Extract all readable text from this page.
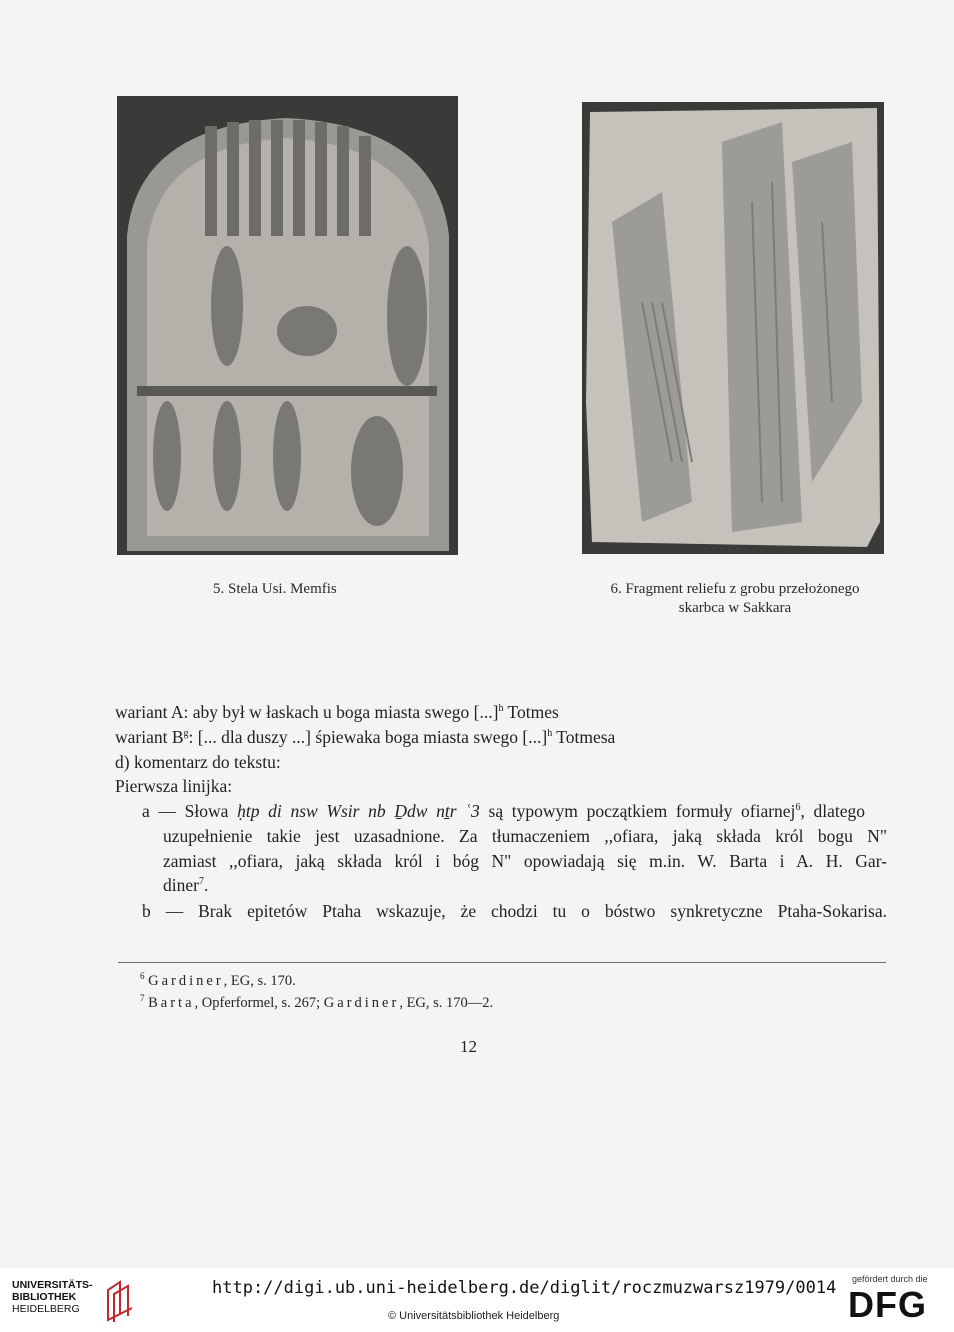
5. Stela Usi. Memfis	6. Fragment reliefu z grobu przełożonego
skarbca w Sakkara
wariant A: aby był w łaskach u boga miasta swego [...]$^h$ Totmes
wariant $B^g$: [... dla duszy ...] śpiewaka boga miasta swego [...]$^h$ Totmesa
d) komentarz do tekstu:
Pierwsza linijka:
a — Słowa ḥtp di nsw Wsir nb Ḏdw nṯr ʿ3 są typowym początkiem formuły ofiarnej$^6$, dlatego
uzupełnienie takie jest uzasadnione. Za tłumaczeniem ,,ofiara, jaką składa król bogu N"
zamiast ,,ofiara, jaką składa król i bóg N" opowiadają się m.in. W. Barta i A. H. Gar-
diner$^7$.
b — Brak epitetów Ptaha wskazuje, że chodzi tu o bóstwo synkretyczne Ptaha-Sokarisa.
$^6$ Gardiner, EG, s. 170.
$^7$ Barta, Opferformel, s. 267; Gardiner, EG, s. 170—2.
12
UNIVERSITÄTS-
BIBLIOTHEK
HEIDELBERG
http://digi.ub.uni-heidelberg.de/diglit/roczmuzwarsz1979/0014
© Universitätsbibliothek Heidelberg
gefördert durch die
DFG
